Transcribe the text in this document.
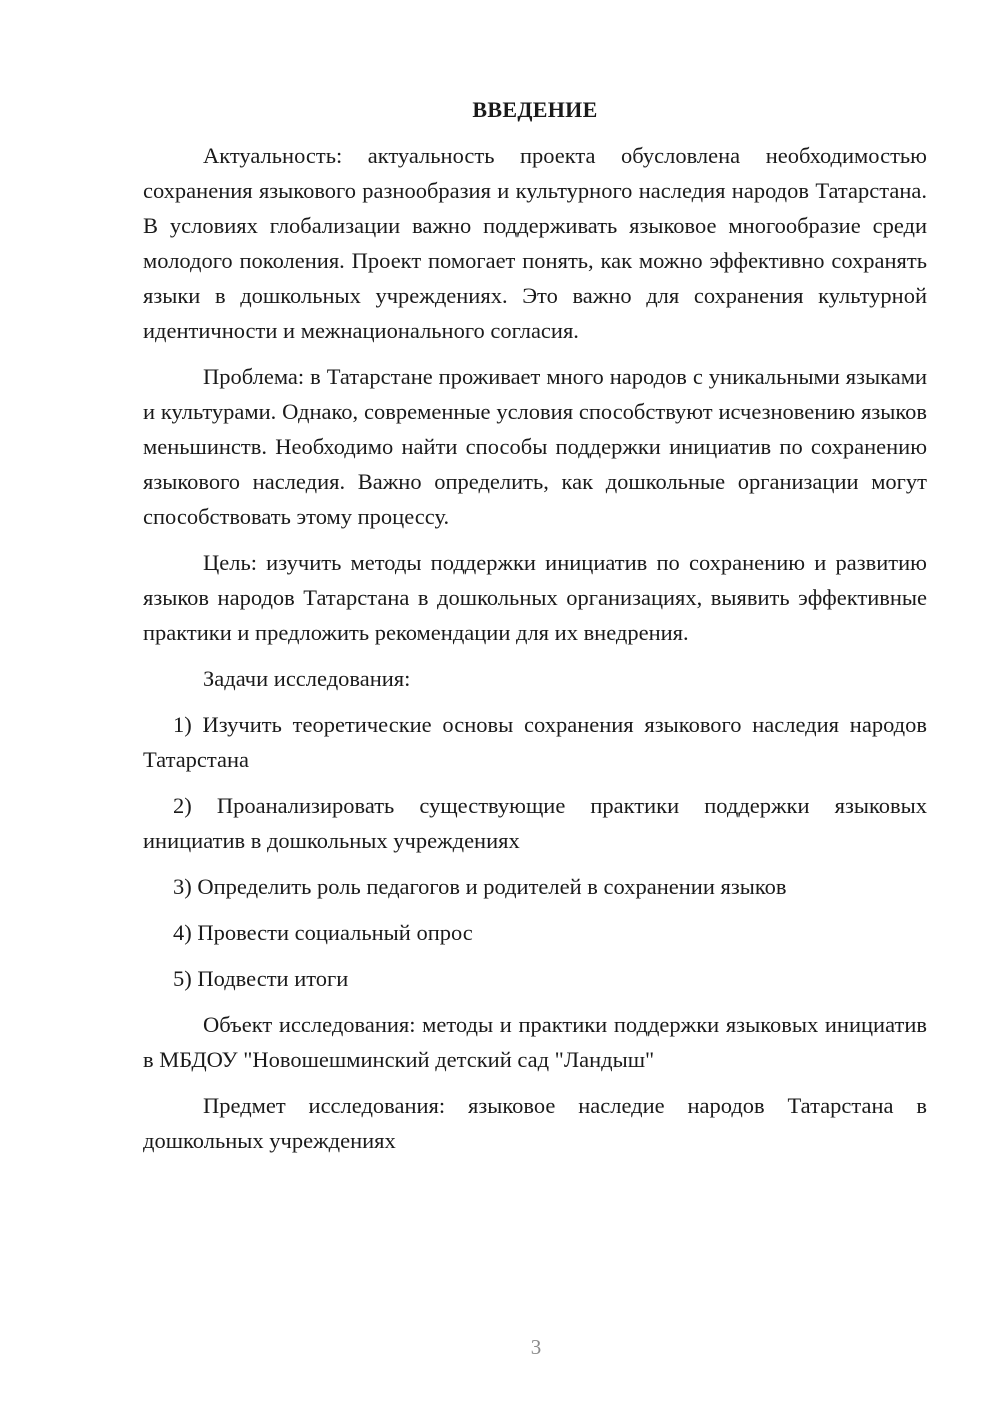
ВВЕДЕНИЕ

Актуальность: актуальность проекта обусловлена необходимостью сохранения языкового разнообразия и культурного наследия народов Татарстана. В условиях глобализации важно поддерживать языковое многообразие среди молодого поколения. Проект помогает понять, как можно эффективно сохранять языки в дошкольных учреждениях. Это важно для сохранения культурной идентичности и межнационального согласия.

Проблема: в Татарстане проживает много народов с уникальными языками и культурами. Однако, современные условия способствуют исчезновению языков меньшинств. Необходимо найти способы поддержки инициатив по сохранению языкового наследия. Важно определить, как дошкольные организации могут способствовать этому процессу.

Цель: изучить методы поддержки инициатив по сохранению и развитию языков народов Татарстана в дошкольных организациях, выявить эффективные практики и предложить рекомендации для их внедрения.

Задачи исследования:

1) Изучить теоретические основы сохранения языкового наследия народов Татарстана

2) Проанализировать существующие практики поддержки языковых инициатив в дошкольных учреждениях

3) Определить роль педагогов и родителей в сохранении языков

4) Провести социальный опрос

5) Подвести итоги

Объект исследования: методы и практики поддержки языковых инициатив в МБДОУ "Новошешминский детский сад "Ландыш"

Предмет исследования: языковое наследие народов Татарстана в дошкольных учреждениях

3
